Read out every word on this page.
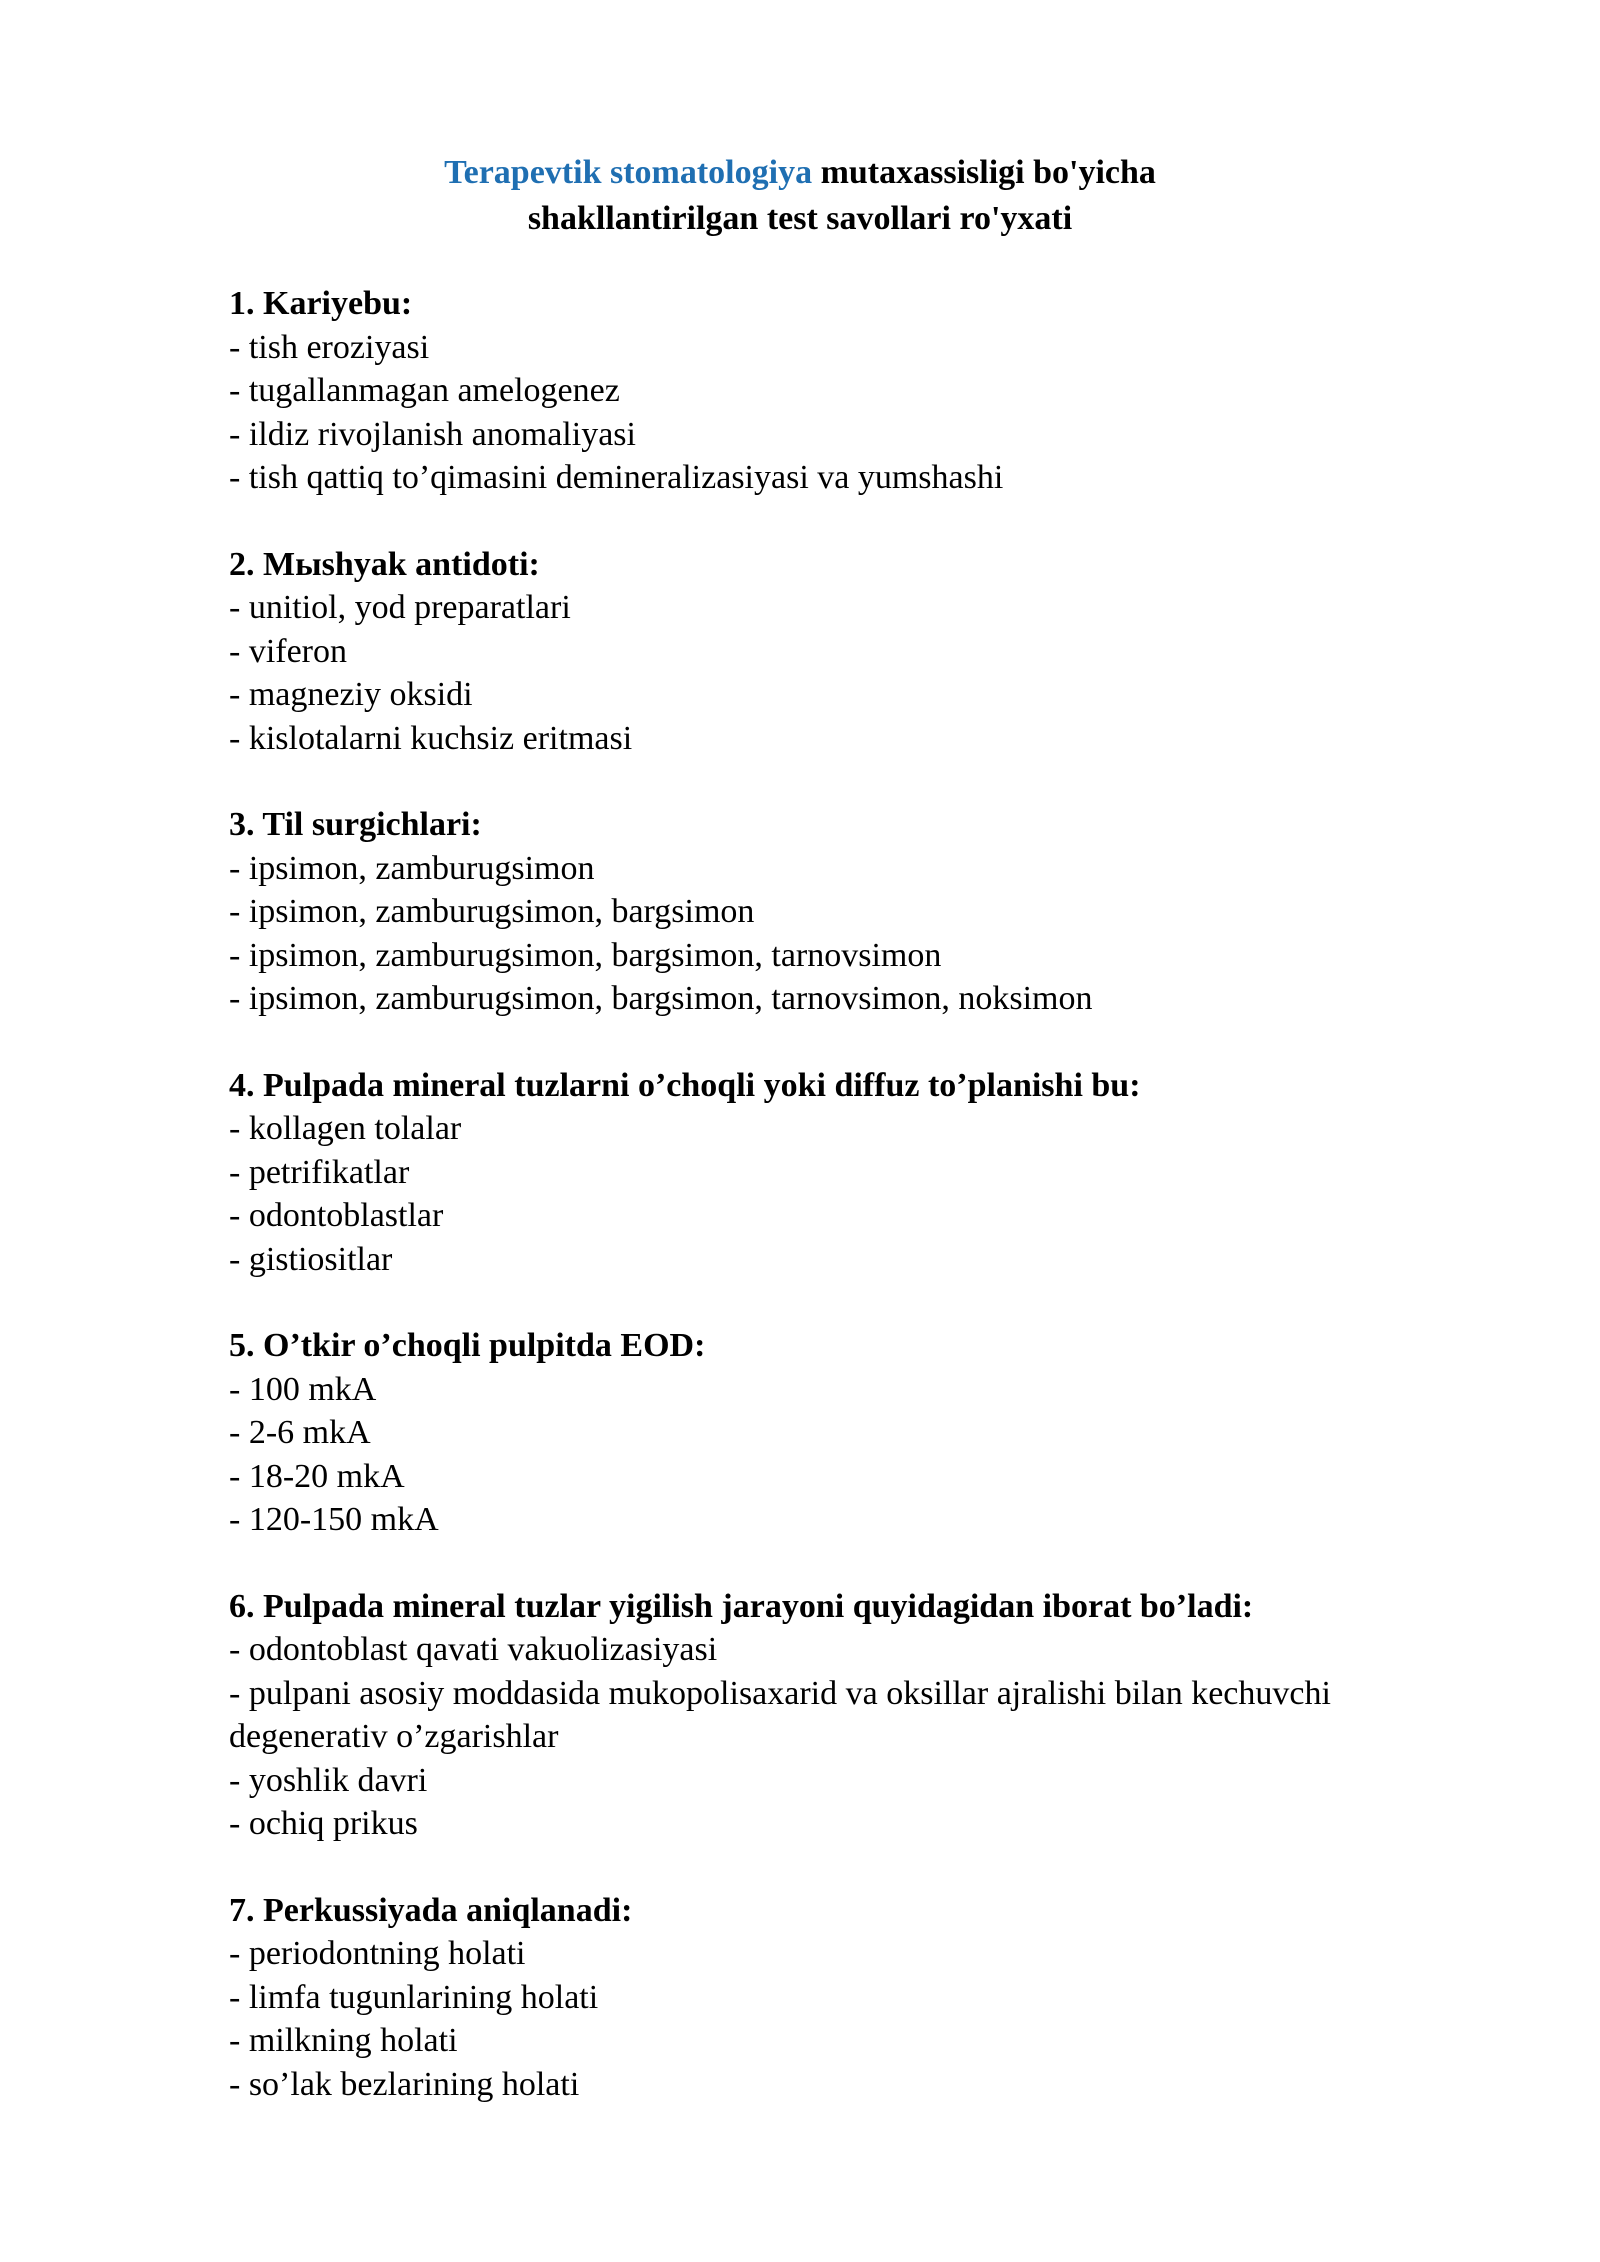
Terapevtik stomatologiya mutaxassisligi bo'yicha
shakllantirilgan test savollari ro'yxati

1. Kariyebu:

- tish eroziyasi
- tugallanmagan amelogenez
- ildiz rivojlanish anomaliyasi
- tish qattiq to’qimasini demineralizasiyasi va yumshashi

2. Мыshyak antidoti:

- unitiol, yod preparatlari
- viferon
- magneziy oksidi
- kislotalarni kuchsiz eritmasi

3. Til surgichlari:

- ipsimon, zamburugsimon
- ipsimon, zamburugsimon, bargsimon
- ipsimon, zamburugsimon, bargsimon, tarnovsimon
- ipsimon, zamburugsimon, bargsimon, tarnovsimon, noksimon

4. Pulpada mineral tuzlarni o’choqli yoki diffuz to’planishi bu:

- kollagen tolalar
- petrifikatlar
- odontoblastlar
- gistiositlar

5. O’tkir o’choqli pulpitda EOD:

- 100 mkA
- 2-6 mkA
- 18-20 mkA
- 120-150 mkA

6. Pulpada mineral tuzlar yigilish jarayoni quyidagidan iborat bo’ladi:

- odontoblast qavati vakuolizasiyasi
- pulpani asosiy moddasida mukopolisaxarid va oksillar ajralishi bilan kechuvchi degenerativ o’zgarishlar
- yoshlik davri
- ochiq prikus

7. Perkussiyada aniqlanadi:

- periodontning holati
- limfa tugunlarining holati
- milkning holati
- so’lak bezlarining holati
